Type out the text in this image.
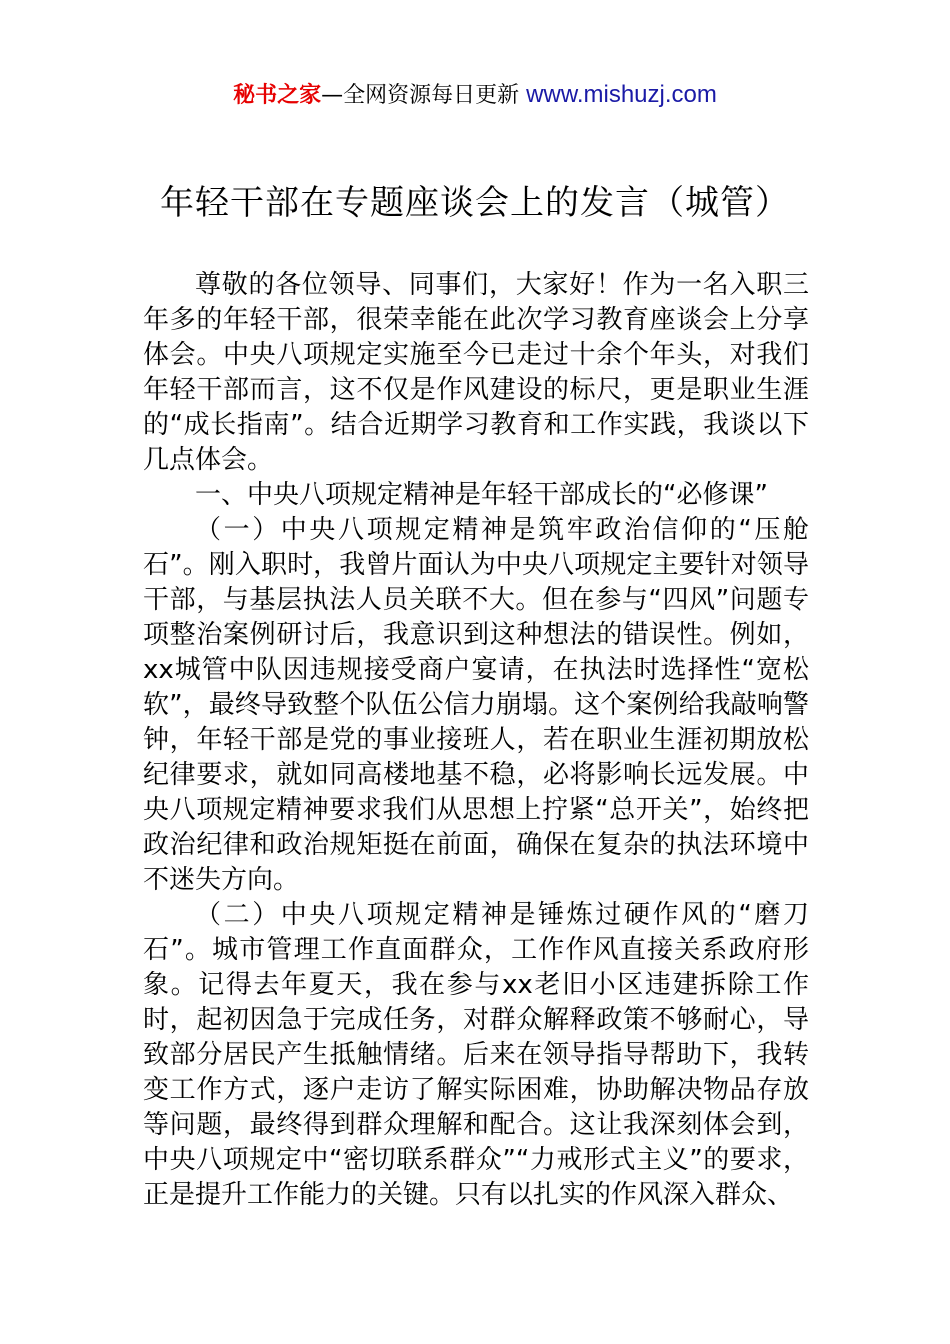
秘书之家—全网资源每日更新 www.mishuzj.com
年轻干部在专题座谈会上的发言（城管）

尊敬的各位领导、同事们，大家好！作为一名入职三年多的年轻干部，很荣幸能在此次学习教育座谈会上分享体会。中央八项规定实施至今已走过十余个年头，对我们年轻干部而言，这不仅是作风建设的标尺，更是职业生涯的“成长指南”。结合近期学习教育和工作实践，我谈以下几点体会。

一、中央八项规定精神是年轻干部成长的“必修课”

（一）中央八项规定精神是筑牢政治信仰的“压舱石”。刚入职时，我曾片面认为中央八项规定主要针对领导干部，与基层执法人员关联不大。但在参与“四风”问题专项整治案例研讨后，我意识到这种想法的错误性。例如，xx城管中队因违规接受商户宴请，在执法时选择性“宽松软”，最终导致整个队伍公信力崩塌。这个案例给我敲响警钟，年轻干部是党的事业接班人，若在职业生涯初期放松纪律要求，就如同高楼地基不稳，必将影响长远发展。中央八项规定精神要求我们从思想上拧紧“总开关”，始终把政治纪律和政治规矩挺在前面，确保在复杂的执法环境中不迷失方向。

（二）中央八项规定精神是锤炼过硬作风的“磨刀石”。城市管理工作直面群众，工作作风直接关系政府形象。记得去年夏天，我在参与xx老旧小区违建拆除工作时，起初因急于完成任务，对群众解释政策不够耐心，导致部分居民产生抵触情绪。后来在领导指导帮助下，我转变工作方式，逐户走访了解实际困难，协助解决物品存放等问题，最终得到群众理解和配合。这让我深刻体会到，中央八项规定中“密切联系群众”“力戒形式主义”的要求，正是提升工作能力的关键。只有以扎实的作风深入群众、
